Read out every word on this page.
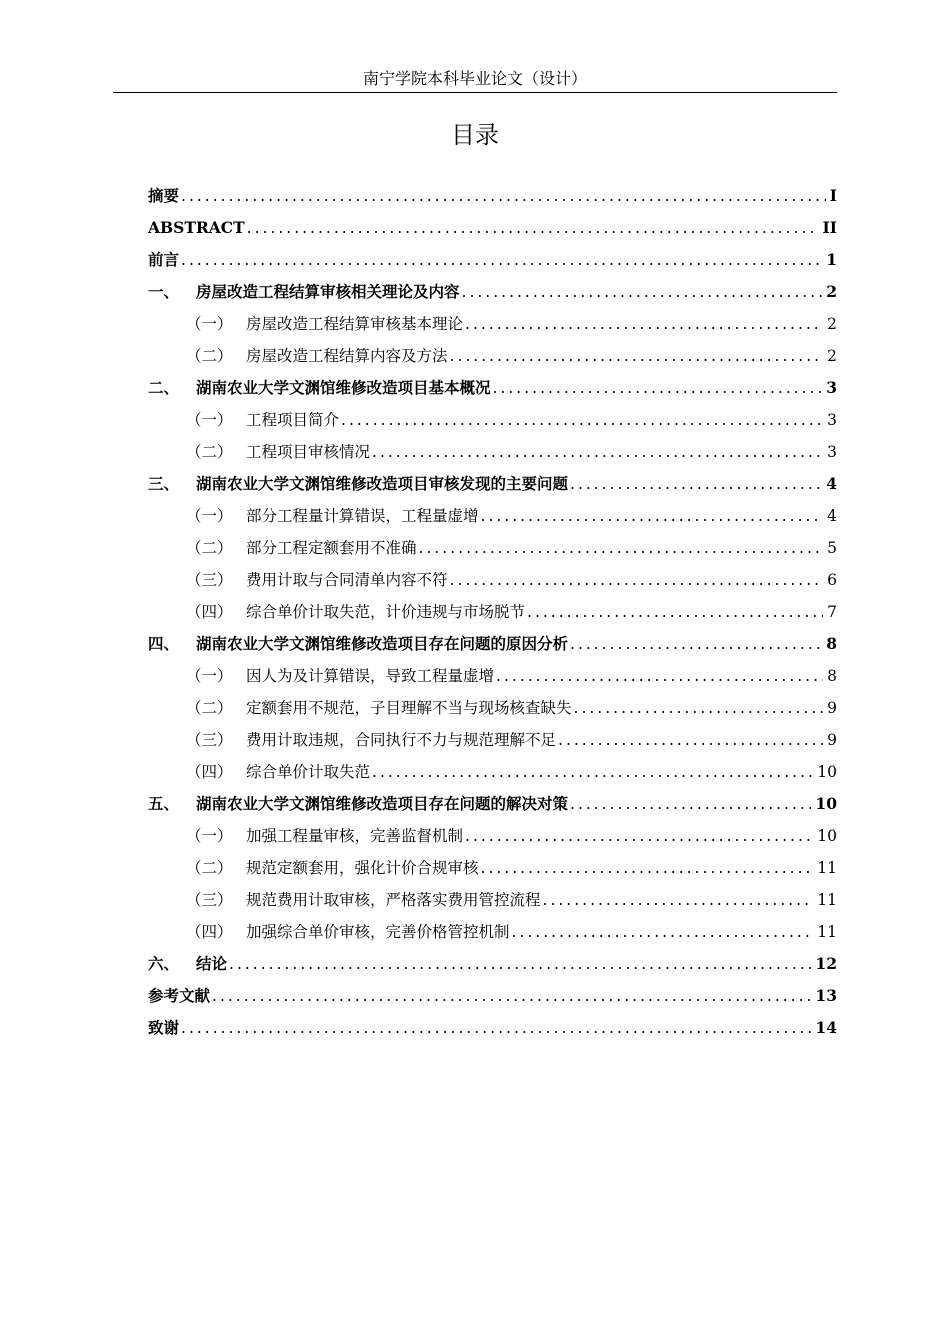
南宁学院本科毕业论文（设计）
目录
摘要 .....	I
ABSTRACT .....	II
前言 .....	1
一、	房屋改造工程结算审核相关理论及内容 .....	2
（一） 房屋改造工程结算审核基本理论 .....	2
（二） 房屋改造工程结算内容及方法 .....	2
二、	湖南农业大学文渊馆维修改造项目基本概况 .....	3
（一） 工程项目简介 .....	3
（二） 工程项目审核情况 .....	3
三、	湖南农业大学文渊馆维修改造项目审核发现的主要问题 .....	4
（一） 部分工程量计算错误，工程量虚增 .....	4
（二） 部分工程定额套用不准确 .....	5
（三） 费用计取与合同清单内容不符 .....	6
（四） 综合单价计取失范，计价违规与市场脱节 .....	7
四、	湖南农业大学文渊馆维修改造项目存在问题的原因分析 .....	8
（一） 因人为及计算错误，导致工程量虚增 .....	8
（二） 定额套用不规范，子目理解不当与现场核查缺失 .....	9
（三） 费用计取违规，合同执行不力与规范理解不足 .....	9
（四） 综合单价计取失范 .....	10
五、	湖南农业大学文渊馆维修改造项目存在问题的解决对策 .....	10
（一） 加强工程量审核，完善监督机制 .....	10
（二） 规范定额套用，强化计价合规审核 .....	11
（三） 规范费用计取审核，严格落实费用管控流程 .....	11
（四） 加强综合单价审核，完善价格管控机制 .....	11
六、	结论 .....	12
参考文献 .....	13
致谢 .....	14
